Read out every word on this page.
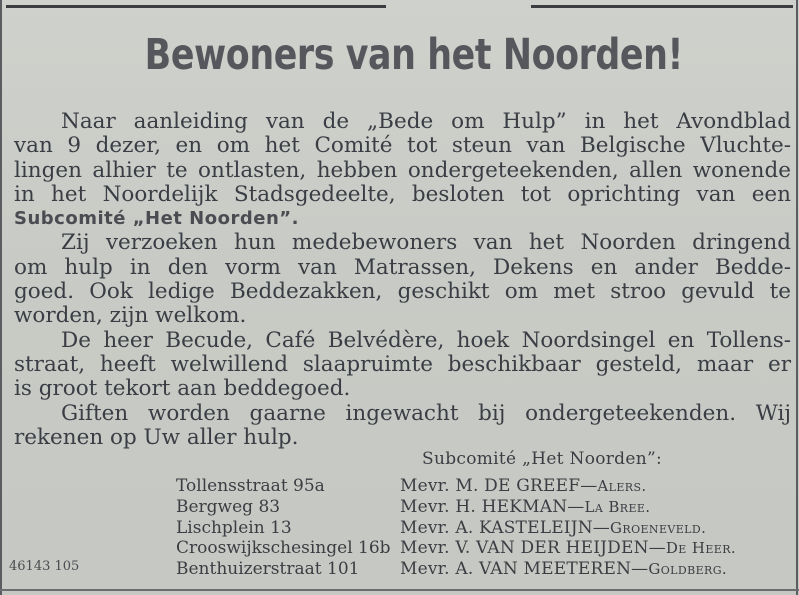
Bewoners van het Noorden!
Naar aanleiding van de „Bede om Hulp” in het Avondblad
van 9 dezer, en om het Comité tot steun van Belgische Vluchte-
lingen alhier te ontlasten, hebben ondergeteekenden, allen wonende
in het Noordelijk Stadsgedeelte, besloten tot oprichting van een
Subcomité „Het Noorden”.
Zij verzoeken hun medebewoners van het Noorden dringend
om hulp in den vorm van Matrassen, Dekens en ander Bedde-
goed. Ook ledige Beddezakken, geschikt om met stroo gevuld te
worden, zijn welkom.
De heer Becude, Café Belvédère, hoek Noordsingel en Tollens-
straat, heeft welwillend slaapruimte beschikbaar gesteld, maar er
is groot tekort aan beddegoed.
Giften worden gaarne ingewacht bij ondergeteekenden. Wij
rekenen op Uw aller hulp.
Subcomité „Het Noorden”:
Tollensstraat 95a	Mevr. M. DE GREEF— Alers.
Bergweg 83	Mevr. H. HEKMAN— La Bree.
Lischplein 13	Mevr. A. KASTELEIJN— Groeneveld.
Crooswijkschesingel 16b Mevr. V. VAN DER HEIJDEN— De Heer.
Benthuizerstraat 101	Mevr. A. VAN MEETEREN— Goldberg.
46143 105
